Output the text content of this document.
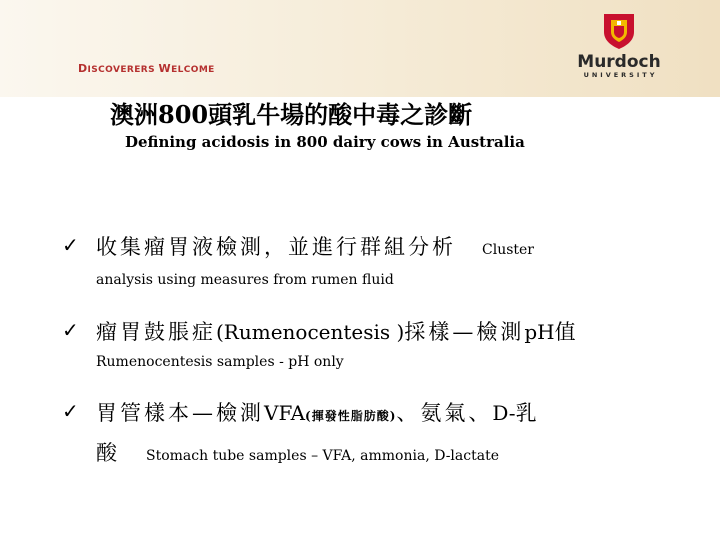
DISCOVERERS WELCOME	Murdoch
UNIVERSITY
澳洲800頭乳牛場的酸中毒之診斷
Defining acidosis in 800 dairy cows in Australia
✓ 收集瘤胃液檢測，並進行群組分析 Cluster
analysis using measures from rumen fluid
✓ 瘤胃鼓脹症(Rumenocentesis )採樣—檢測pH值
Rumenocentesis samples - pH only
✓ 胃管樣本—檢測VFA(揮發性脂肪酸)、氨氣、D-乳
酸 Stomach tube samples – VFA, ammonia, D-lactate
